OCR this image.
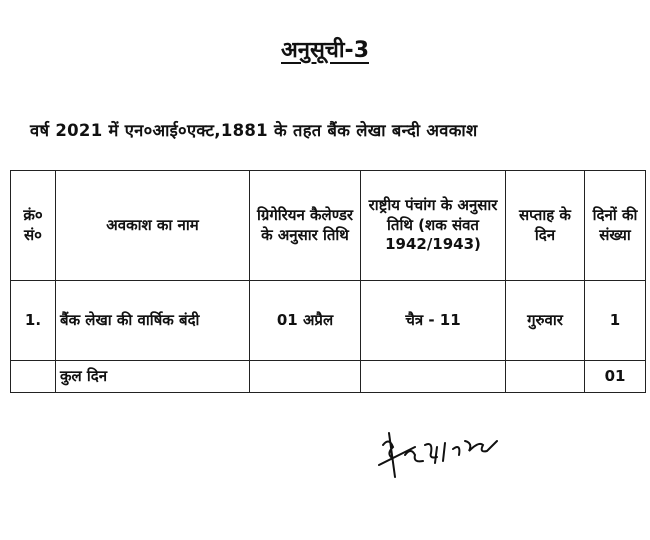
अनुसूची-3
वर्ष 2021 में एन०आई०एक्ट,1881 के तहत बैंक लेखा बन्दी अवकाश
क्रं० सं०	अवकाश का नाम	ग्रिगेरियन कैलेण्डर के अनुसार तिथि	राष्ट्रीय पंचांग के अनुसार तिथि (शक संवत 1942/1943)	सप्ताह के दिन	दिनों की संख्या
1.	बैंक लेखा की वार्षिक बंदी	01 अप्रैल	चैत्र - 11	गुरुवार	1
	कुल दिन				01
